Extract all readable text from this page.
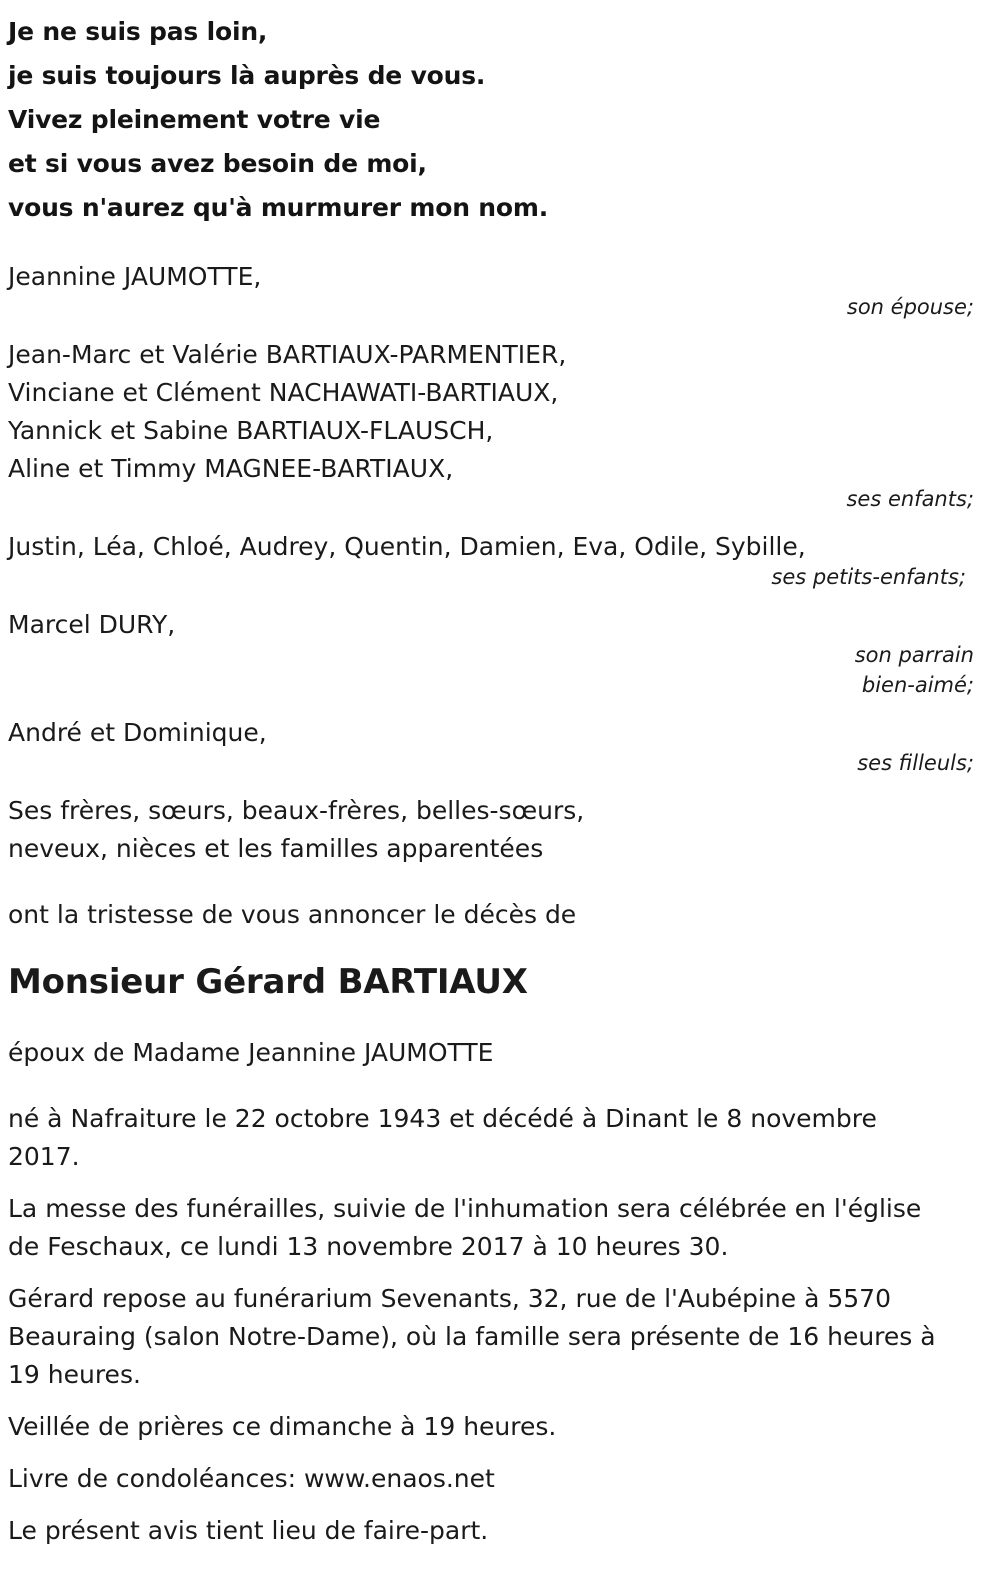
Je ne suis pas loin,
je suis toujours là auprès de vous.
Vivez pleinement votre vie
et si vous avez besoin de moi,
vous n'aurez qu'à murmurer mon nom.
Jeannine JAUMOTTE,
son épouse;
Jean-Marc et Valérie BARTIAUX-PARMENTIER,
Vinciane et Clément NACHAWATI-BARTIAUX,
Yannick et Sabine BARTIAUX-FLAUSCH,
Aline et Timmy MAGNEE-BARTIAUX,
ses enfants;
Justin, Léa, Chloé, Audrey, Quentin, Damien, Eva, Odile, Sybille,
ses petits-enfants;
Marcel DURY,
son parrain
bien-aimé;
André et Dominique,
ses filleuls;
Ses frères, sœurs, beaux-frères, belles-sœurs,
neveux, nièces et les familles apparentées
ont la tristesse de vous annoncer le décès de
Monsieur Gérard BARTIAUX
époux de Madame Jeannine JAUMOTTE

né à Nafraiture le 22 octobre 1943 et décédé à Dinant le 8 novembre 2017.

La messe des funérailles, suivie de l'inhumation sera célébrée en l'église de Feschaux, ce lundi 13 novembre 2017 à 10 heures 30.

Gérard repose au funérarium Sevenants, 32, rue de l'Aubépine à 5570 Beauraing (salon Notre-Dame), où la famille sera présente de 16 heures à 19 heures.

Veillée de prières ce dimanche à 19 heures.

Livre de condoléances: www.enaos.net

Le présent avis tient lieu de faire-part.
